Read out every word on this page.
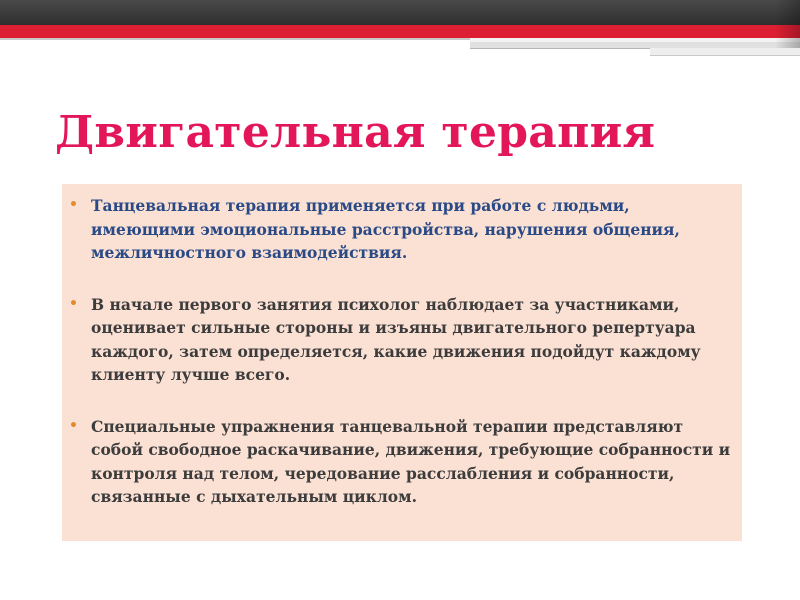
Двигательная терапия

• Танцевальная терапия применяется при работе с людьми, имеющими эмоциональные расстройства, нарушения общения, межличностного взаимодействия.

• В начале первого занятия психолог наблюдает за участниками, оценивает сильные стороны и изъяны двигательного репертуара каждого, затем определяется, какие движения подойдут каждому клиенту лучше всего.

• Специальные упражнения танцевальной терапии представляют собой свободное раскачивание, движения, требующие собранности и контроля над телом, чередование расслабления и собранности, связанные с дыхательным циклом.
